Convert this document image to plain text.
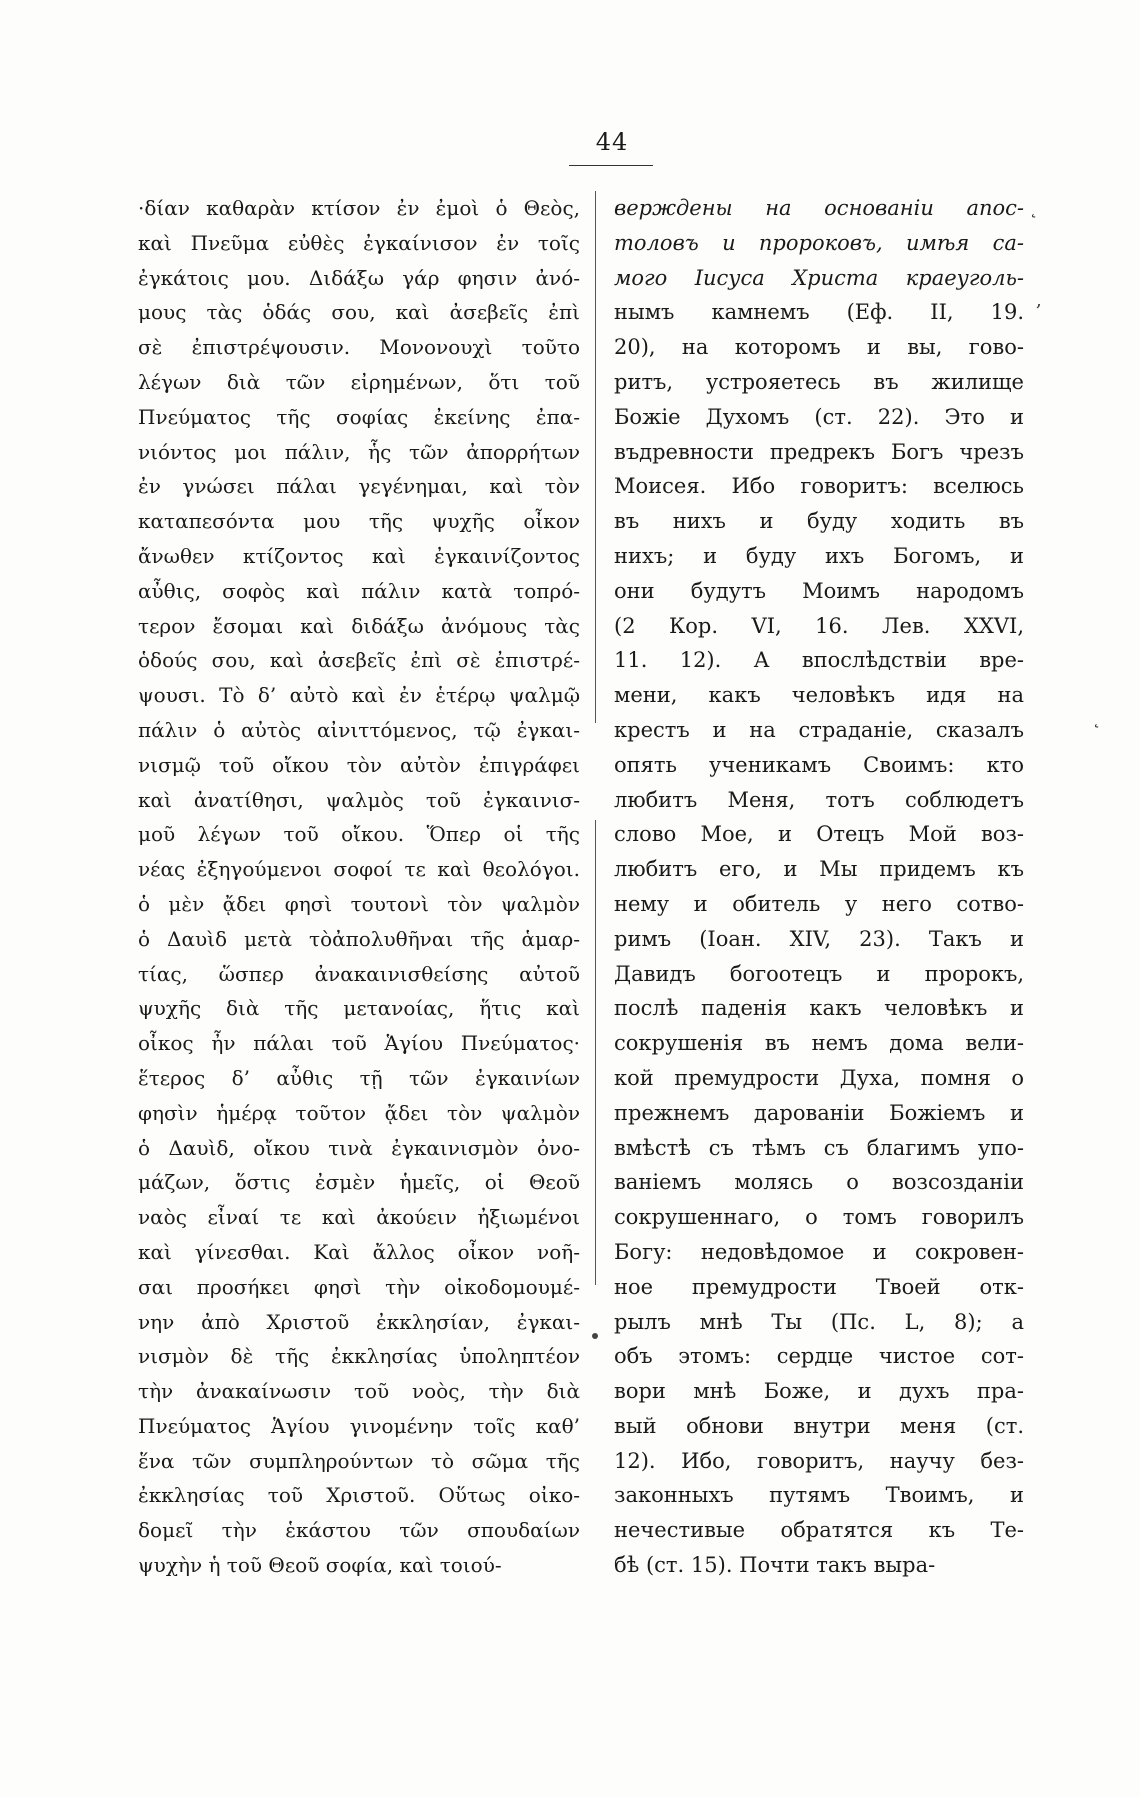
44
·δίαν καθαρὰν κτίσον ἐν ἐμοὶ ὁ Θεὸς,
καὶ Πνεῦμα εὐθὲς ἐγκαίνισον ἐν τοῖς
ἐγκάτοις μου. Διδάξω γάρ φησιν ἀνό-
μους τὰς ὁδάς σου, καὶ ἀσεβεῖς ἐπὶ
σὲ ἐπιστρέψουσιν. Μονονουχὶ τοῦτο
λέγων διὰ τῶν εἰρημένων, ὅτι τοῦ
Πνεύματος τῆς σοφίας ἐκείνης ἐπα-
νιόντος μοι πάλιν, ἧς τῶν ἀπορρήτων
ἐν γνώσει πάλαι γεγένημαι, καὶ τὸν
καταπεσόντα μου τῆς ψυχῆς οἶκον
ἄνωθεν κτίζοντος καὶ ἐγκαινίζοντος
αὖθις, σοφὸς καὶ πάλιν κατὰ τοπρό-
τερον ἔσομαι καὶ διδάξω ἀνόμους τὰς
ὁδούς σου, καὶ ἀσεβεῖς ἐπὶ σὲ ἐπιστρέ-
ψουσι. Τὸ δ’ αὐτὸ καὶ ἐν ἑτέρῳ ψαλμῷ
πάλιν ὁ αὐτὸς αἰνιττόμενος, τῷ ἐγκαι-
νισμῷ τοῦ οἴκου τὸν αὐτὸν ἐπιγράφει
καὶ ἀνατίθησι, ψαλμὸς τοῦ ἐγκαινισ-
μοῦ λέγων τοῦ οἴκου. Ὅπερ οἱ τῆς
νέας ἐξηγούμενοι σοφοί τε καὶ θεολόγοι.
ὁ μὲν ᾄδει φησὶ τουτονὶ τὸν ψαλμὸν
ὁ Δαυὶδ μετὰ τὸἀπολυθῆναι τῆς ἁμαρ-
τίας, ὥσπερ ἀνακαινισθείσης αὐτοῦ
ψυχῆς διὰ τῆς μετανοίας, ἥτις καὶ
οἶκος ἦν πάλαι τοῦ Ἁγίου Πνεύματος·
ἕτερος δ’ αὖθις τῇ τῶν ἐγκαινίων
φησὶν ἡμέρᾳ τοῦτον ᾄδει τὸν ψαλμὸν
ὁ Δαυὶδ, οἴκου τινὰ ἐγκαινισμὸν ὀνο-
μάζων, ὅστις ἐσμὲν ἡμεῖς, οἱ Θεοῦ
ναὸς εἶναί τε καὶ ἀκούειν ἠξιωμένοι
καὶ γίνεσθαι. Καὶ ἄλλος οἶκον νοῆ-
σαι προσήκει φησὶ τὴν οἰκοδομουμέ-
νην ἀπὸ Χριστοῦ ἐκκλησίαν, ἐγκαι-
νισμὸν δὲ τῆς ἐκκλησίας ὑποληπτέον
τὴν ἀνακαίνωσιν τοῦ νοὸς, τὴν διὰ
Πνεύματος Ἁγίου γινομένην τοῖς καθ’
ἕνα τῶν συμπληρούντων τὸ σῶμα τῆς
ἐκκλησίας τοῦ Χριστοῦ. Οὕτως οἰκο-
δομεῖ τὴν ἑκάστου τῶν σπουδαίων
ψυχὴν ἡ τοῦ Θεοῦ σοφία, καὶ τοιού-
верждены на основаніи апос-
толовъ и пророковъ, имѣя са-
мого Іисуса Христа краеуголь-
нымъ камнемъ (Еф. II, 19.
20), на которомъ и вы, гово-
ритъ, устрояетесь въ жилище
Божіе Духомъ (ст. 22). Это и
въдревности предрекъ Богъ чрезъ
Моисея. Ибо говоритъ: вселюсь
въ нихъ и буду ходить въ
нихъ; и буду ихъ Богомъ, и
они будутъ Моимъ народомъ
(2 Кор. VI, 16. Лев. XXVI,
11. 12). А впослѣдствіи вре-
мени, какъ человѣкъ идя на
крестъ и на страданіе, сказалъ
опять ученикамъ Своимъ: кто
любитъ Меня, тотъ соблюдетъ
слово Мое, и Отецъ Мой воз-
любитъ его, и Мы придемъ къ
нему и обитель у него сотво-
римъ (Іоан. XIV, 23). Такъ и
Давидъ богоотецъ и пророкъ,
послѣ паденія какъ человѣкъ и
сокрушенія въ немъ дома вели-
кой премудрости Духа, помня о
прежнемъ дарованіи Божіемъ и
вмѣстѣ съ тѣмъ съ благимъ упо-
ваніемъ молясь о возсозданіи
сокрушеннаго, о томъ говорилъ
Богу: недовѣдомое и сокровен-
ное премудрости Твоей отк-
рылъ мнѣ Ты (Пс. L, 8); а
объ этомъ: сердце чистое сот-
вори мнѣ Боже, и духъ пра-
вый обнови внутри меня (ст.
12). Ибо, говоритъ, научу без-
законныхъ путямъ Твоимъ, и
нечестивые обратятся къ Те-
бѣ (ст. 15). Почти такъ выра-
˛
,
˛
